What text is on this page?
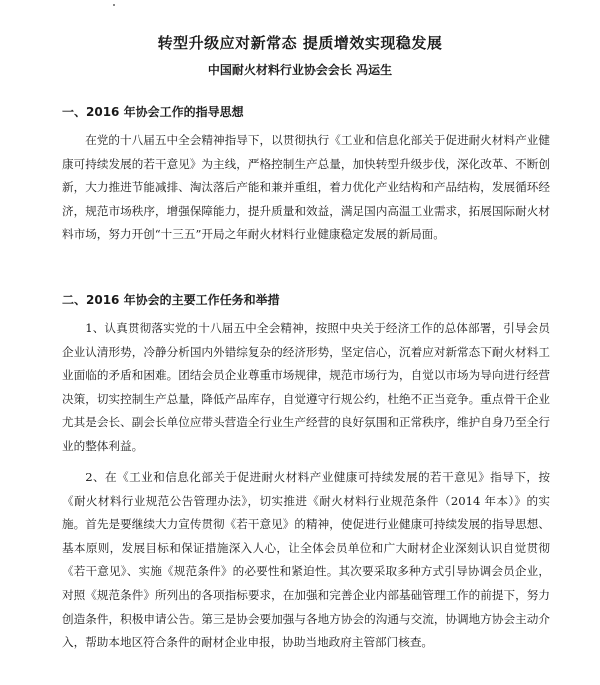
转型升级应对新常态 提质增效实现稳发展
中国耐火材料行业协会会长 冯运生
一、2016 年协会工作的指导思想

在党的十八届五中全会精神指导下，以贯彻执行《工业和信息化部关于促进耐火材料产业健康可持续发展的若干意见》为主线，严格控制生产总量，加快转型升级步伐，深化改革、不断创新，大力推进节能减排、淘汰落后产能和兼并重组，着力优化产业结构和产品结构，发展循环经济，规范市场秩序，增强保障能力，提升质量和效益，满足国内高温工业需求，拓展国际耐火材料市场，努力开创“十三五”开局之年耐火材料行业健康稳定发展的新局面。

二、2016 年协会的主要工作任务和举措

1、认真贯彻落实党的十八届五中全会精神，按照中央关于经济工作的总体部署，引导会员企业认清形势，冷静分析国内外错综复杂的经济形势，坚定信心，沉着应对新常态下耐火材料工业面临的矛盾和困难。团结会员企业尊重市场规律，规范市场行为，自觉以市场为导向进行经营决策，切实控制生产总量，降低产品库存，自觉遵守行规公约，杜绝不正当竞争。重点骨干企业尤其是会长、副会长单位应带头营造全行业生产经营的良好氛围和正常秩序，维护自身乃至全行业的整体利益。

2、在《工业和信息化部关于促进耐火材料产业健康可持续发展的若干意见》指导下，按《耐火材料行业规范公告管理办法》，切实推进《耐火材料行业规范条件（2014 年本）》的实施。首先是要继续大力宣传贯彻《若干意见》的精神，使促进行业健康可持续发展的指导思想、基本原则，发展目标和保证措施深入人心，让全体会员单位和广大耐材企业深刻认识自觉贯彻《若干意见》、实施《规范条件》的必要性和紧迫性。其次要采取多种方式引导协调会员企业，对照《规范条件》所列出的各项指标要求，在加强和完善企业内部基础管理工作的前提下，努力创造条件，积极申请公告。第三是协会要加强与各地方协会的沟通与交流，协调地方协会主动介入，帮助本地区符合条件的耐材企业申报，协助当地政府主管部门核查。
